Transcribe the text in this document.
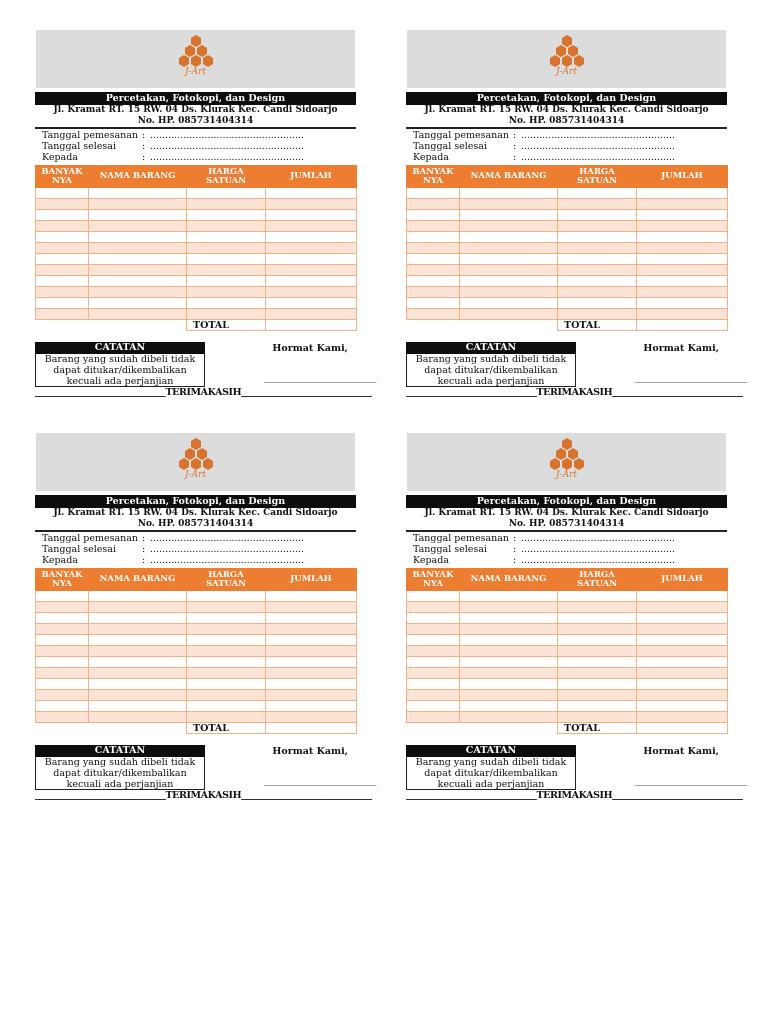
J-Art
Percetakan, Fotokopi, dan Design
Jl. Kramat RT. 15 RW. 04 Ds. Klurak Kec. Candi Sidoarjo
No. HP. 085731404314
Tanggal pemesanan : ...................................................
Tanggal selesai	: ...................................................
Kepada	: ...................................................
BANYAK NYA	NAMA BARANG	HARGA SATUAN	JUMLAH

		TOTAL	
CATATAN
Barang yang sudah dibeli tidak
dapat ditukar/dikembalikan
kecuali ada perjanjian
Hormat Kami,
____________________________
______________________________TERIMAKASIH______________________________
J-Art
Percetakan, Fotokopi, dan Design
Jl. Kramat RT. 15 RW. 04 Ds. Klurak Kec. Candi Sidoarjo
No. HP. 085731404314
Tanggal pemesanan : ...................................................
Tanggal selesai	: ...................................................
Kepada	: ...................................................
BANYAK NYA	NAMA BARANG	HARGA SATUAN	JUMLAH

		TOTAL	
CATATAN
Barang yang sudah dibeli tidak
dapat ditukar/dikembalikan
kecuali ada perjanjian
Hormat Kami,
____________________________
______________________________TERIMAKASIH______________________________
J-Art
Percetakan, Fotokopi, dan Design
Jl. Kramat RT. 15 RW. 04 Ds. Klurak Kec. Candi Sidoarjo
No. HP. 085731404314
Tanggal pemesanan : ...................................................
Tanggal selesai	: ...................................................
Kepada	: ...................................................
BANYAK NYA	NAMA BARANG	HARGA SATUAN	JUMLAH

		TOTAL	
CATATAN
Barang yang sudah dibeli tidak
dapat ditukar/dikembalikan
kecuali ada perjanjian
Hormat Kami,
____________________________
______________________________TERIMAKASIH______________________________
J-Art
Percetakan, Fotokopi, dan Design
Jl. Kramat RT. 15 RW. 04 Ds. Klurak Kec. Candi Sidoarjo
No. HP. 085731404314
Tanggal pemesanan : ...................................................
Tanggal selesai	: ...................................................
Kepada	: ...................................................
BANYAK NYA	NAMA BARANG	HARGA SATUAN	JUMLAH

		TOTAL	
CATATAN
Barang yang sudah dibeli tidak
dapat ditukar/dikembalikan
kecuali ada perjanjian
Hormat Kami,
____________________________
______________________________TERIMAKASIH______________________________
